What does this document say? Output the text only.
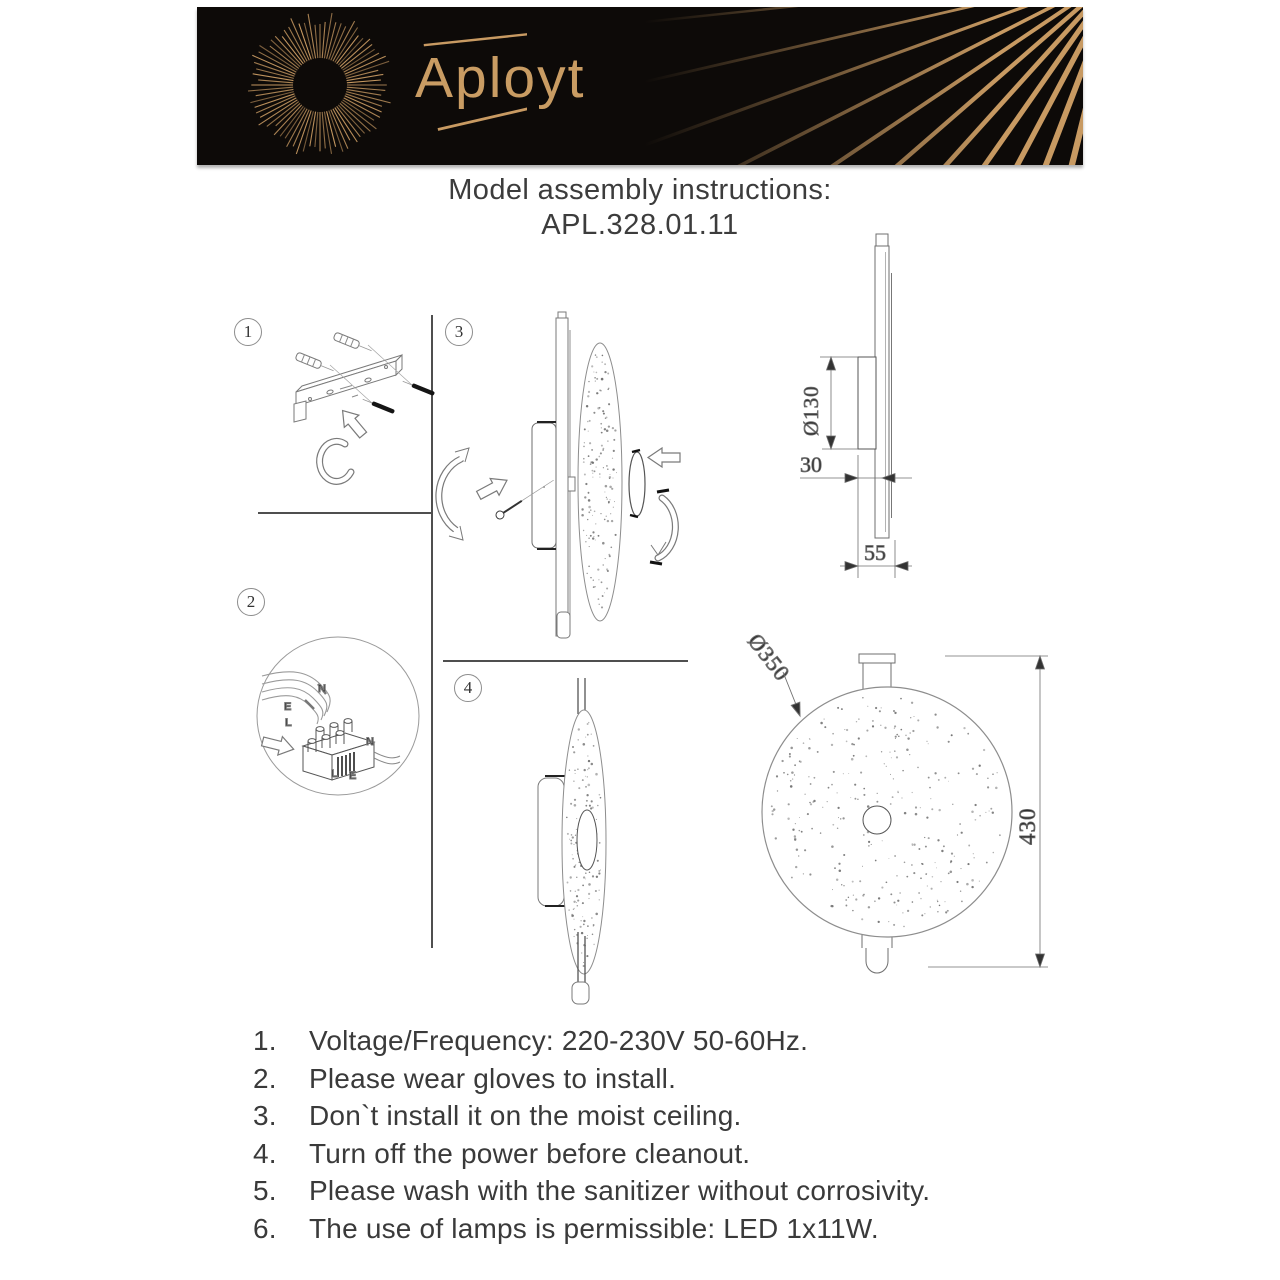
Aployt
Model assembly instructions:
APL.328.01.11
1
2
3
4
N
E
L
N
L E
Ø130
30
55
Ø350
430
1.	Voltage/Frequency: 220-230V 50-60Hz.
2.	Please wear gloves to install.
3.	Don`t install it on the moist ceiling.
4.	Turn off the power before cleanout.
5.	Please wash with the sanitizer without corrosivity.
6.	The use of lamps is permissible: LED 1x11W.
